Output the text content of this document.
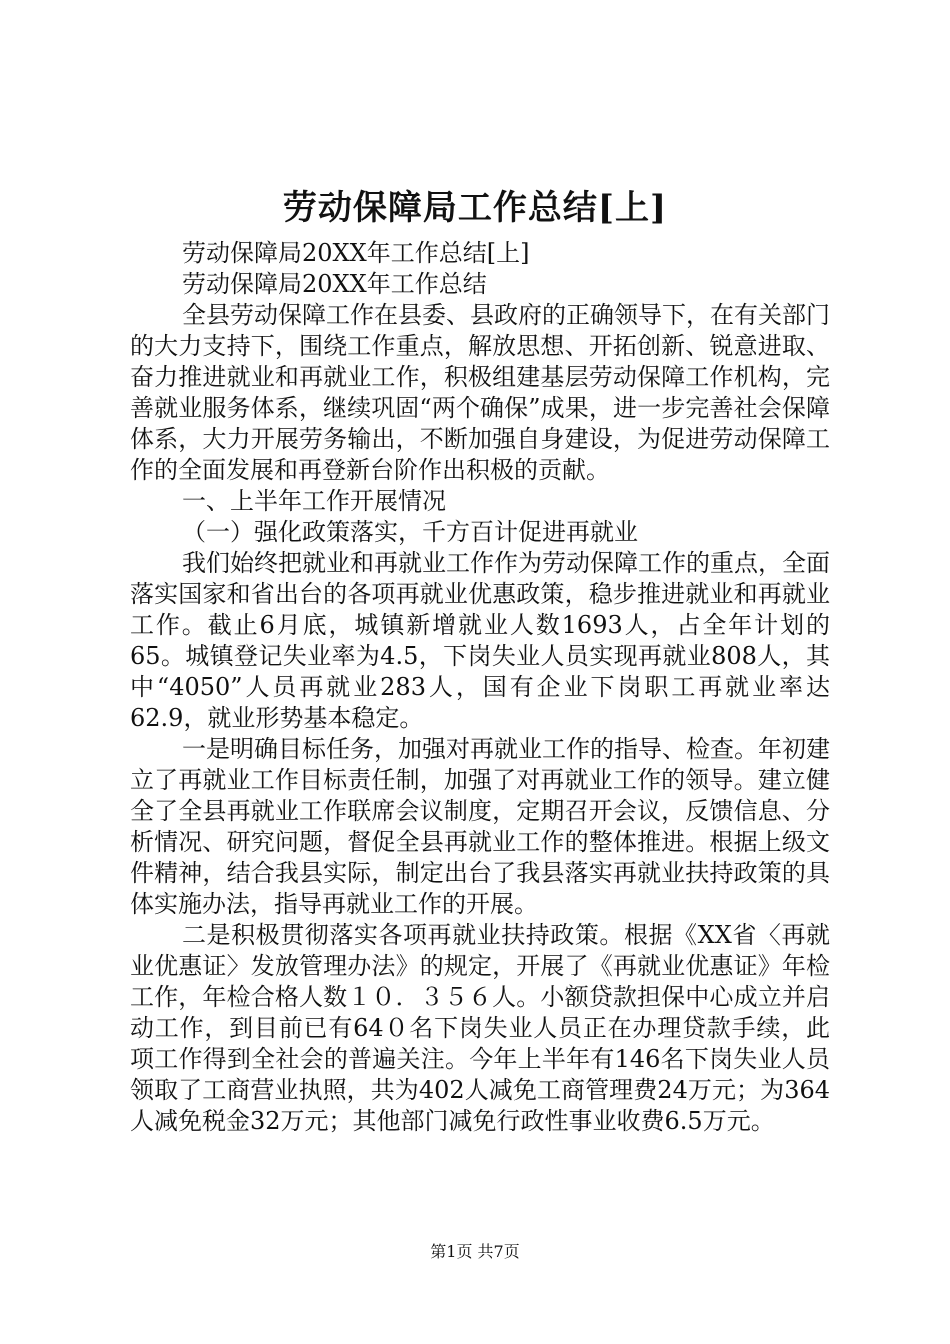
劳动保障局工作总结[上]

劳动保障局20XX年工作总结[上]

劳动保障局20XX年工作总结

全县劳动保障工作在县委、县政府的正确领导下，在有关部门的大力支持下，围绕工作重点，解放思想、开拓创新、锐意进取、奋力推进就业和再就业工作，积极组建基层劳动保障工作机构，完善就业服务体系，继续巩固“两个确保”成果，进一步完善社会保障体系，大力开展劳务输出，不断加强自身建设，为促进劳动保障工作的全面发展和再登新台阶作出积极的贡献。

一、上半年工作开展情况

（一）强化政策落实，千方百计促进再就业

我们始终把就业和再就业工作作为劳动保障工作的重点，全面落实国家和省出台的各项再就业优惠政策，稳步推进就业和再就业工作。截止6月底，城镇新增就业人数1693人，占全年计划的65。城镇登记失业率为4.5，下岗失业人员实现再就业808人，其中“4050”人员再就业283人，国有企业下岗职工再就业率达62.9，就业形势基本稳定。

一是明确目标任务，加强对再就业工作的指导、检查。年初建立了再就业工作目标责任制，加强了对再就业工作的领导。建立健全了全县再就业工作联席会议制度，定期召开会议，反馈信息、分析情况、研究问题，督促全县再就业工作的整体推进。根据上级文件精神，结合我县实际，制定出台了我县落实再就业扶持政策的具体实施办法，指导再就业工作的开展。

二是积极贯彻落实各项再就业扶持政策。根据《XX省〈再就业优惠证〉发放管理办法》的规定，开展了《再就业优惠证》年检工作，年检合格人数１０．３５６人。小额贷款担保中心成立并启动工作，到目前已有64０名下岗失业人员正在办理贷款手续，此项工作得到全社会的普遍关注。今年上半年有146名下岗失业人员领取了工商营业执照，共为402人减免工商管理费24万元；为364人减免税金32万元；其他部门减免行政性事业收费6.5万元。

第1页 共7页
